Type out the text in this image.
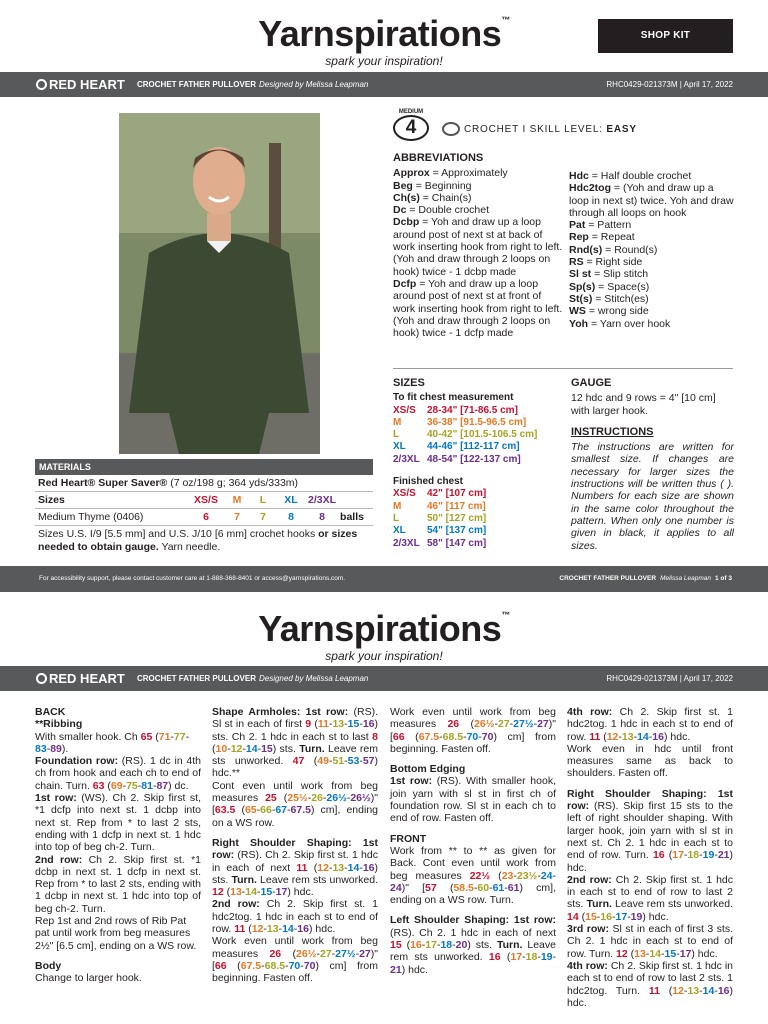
Yarnspirations™
spark your inspiration!
SHOP KIT
RED HEART CROCHET FATHER PULLOVER Designed by Melissa Leapman	RHC0429-021373M | April 17, 2022
MATERIALS
Red Heart® Super Saver® (7 oz/198 g; 364 yds/333m)
Sizes	XS/S	M	L	XL 2/3XL
Medium Thyme (0406)	6	7	7	8	8	balls
Sizes U.S. I/9 [5.5 mm] and U.S. J/10 [6 mm] crochet hooks or sizes needed to obtain gauge. Yarn needle.
MEDIUM
4	CROCHET I SKILL LEVEL: EASY
ABBREVIATIONS

Approx = Approximately

Beg = Beginning

Ch(s) = Chain(s)

Dc = Double crochet

Dcbp = Yoh and draw up a loop around post of next st at back of work inserting hook from right to left. (Yoh and draw through 2 loops on hook) twice - 1 dcbp made

Dcfp = Yoh and draw up a loop around post of next st at front of work inserting hook from right to left. (Yoh and draw through 2 loops on hook) twice - 1 dcfp made

Hdc = Half double crochet

Hdc2tog = (Yoh and draw up a loop in next st) twice. Yoh and draw through all loops on hook

Pat = Pattern

Rep = Repeat

Rnd(s) = Round(s)

RS = Right side

Sl st = Slip stitch

Sp(s) = Space(s)

St(s) = Stitch(es)

WS = wrong side

Yoh = Yarn over hook

SIZES

To fit chest measurement

XS/S 28-34" [71-86.5 cm]

M	36-38" [91.5-96.5 cm]

L	40-42" [101.5-106.5 cm]

XL 44-46" [112-117 cm]

2/3XL 48-54" [122-137 cm]

Finished chest

XS/S 42" [107 cm]

M	46" [117 cm]

L	50" [127 cm]

XL 54" [137 cm]

2/3XL 58" [147 cm]

GAUGE

12 hdc and 9 rows = 4" [10 cm] with larger hook.

INSTRUCTIONS

The instructions are written for smallest size. If changes are necessary for larger sizes the instructions will be written thus ( ). Numbers for each size are shown in the same color throughout the pattern. When only one number is given in black, it applies to all sizes.

For accessibility support, please contact customer care at 1-888-368-8401 or access@yarnspirations.com.	CROCHET FATHER PULLOVER Melissa Leapman 1 of 3
Yarnspirations™
spark your inspiration!
RED HEART CROCHET FATHER PULLOVER Designed by Melissa Leapman	RHC0429-021373M | April 17, 2022

BACK

**Ribbing

With smaller hook. Ch 65 (71-77-83-89).

Foundation row: (RS). 1 dc in 4th ch from hook and each ch to end of chain. Turn. 63 (69-75-81-87) dc.

1st row: (WS). Ch 2. Skip first st, *1 dcfp into next st. 1 dcbp into next st. Rep from * to last 2 sts, ending with 1 dcfp in next st. 1 hdc into top of beg ch-2. Turn.

2nd row: Ch 2. Skip first st. *1 dcbp in next st. 1 dcfp in next st. Rep from * to last 2 sts, ending with 1 dcbp in next st. 1 hdc into top of beg ch-2. Turn.

Rep 1st and 2nd rows of Rib Pat pat until work from beg measures 2½" [6.5 cm], ending on a WS row.

Body

Change to larger hook.

Shape Armholes: 1st row: (RS). Sl st in each of first 9 (11-13-15-16) sts. Ch 2. 1 hdc in each st to last 8 (10-12-14-15) sts. Turn. Leave rem sts unworked. 47 (49-51-53-57) hdc.**

Cont even until work from beg measures 25 (25½-26-26½-26½)" [63.5 (65-66-67-67.5) cm], ending on a WS row.

Right Shoulder Shaping: 1st row: (RS). Ch 2. Skip first st. 1 hdc in each of next 11 (12-13-14-16) sts. Turn. Leave rem sts unworked. 12 (13-14-15-17) hdc.

2nd row: Ch 2. Skip first st. 1 hdc2tog. 1 hdc in each st to end of row. 11 (12-13-14-16) hdc.

Work even until work from beg measures 26 (26½-27-27½-27)" [66 (67.5-68.5-70-70) cm] from beginning. Fasten off.

Work even until work from beg measures 26 (26½-27-27½-27)" [66 (67.5-68.5-70-70) cm] from beginning. Fasten off.

Bottom Edging

1st row: (RS). With smaller hook, join yarn with sl st in first ch of foundation row. Sl st in each ch to end of row. Fasten off.

FRONT

Work from ** to ** as given for Back. Cont even until work from beg measures 22½ (23-23½-24-24)" [57 (58.5-60-61-61) cm], ending on a WS row. Turn.

Left Shoulder Shaping: 1st row: (RS). Ch 2. 1 hdc in each of next 15 (16-17-18-20) sts. Turn. Leave rem sts unworked. 16 (17-18-19-21) hdc.

4th row: Ch 2. Skip first st. 1 hdc2tog. 1 hdc in each st to end of row. 11 (12-13-14-16) hdc.

Work even in hdc until front measures same as back to shoulders. Fasten off.

Right Shoulder Shaping: 1st row: (RS). Skip first 15 sts to the left of right shoulder shaping. With larger hook, join yarn with sl st in next st. Ch 2. 1 hdc in each st to end of row. Turn. 16 (17-18-19-21) hdc.

2nd row: Ch 2. Skip first st. 1 hdc in each st to end of row to last 2 sts. Turn. Leave rem sts unworked. 14 (15-16-17-19) hdc.

3rd row: Sl st in each of first 3 sts. Ch 2. 1 hdc in each st to end of row. Turn. 12 (13-14-15-17) hdc.

4th row: Ch 2. Skip first st. 1 hdc in each st to end of row to last 2 sts. 1 hdc2tog. Turn. 11 (12-13-14-16) hdc.
